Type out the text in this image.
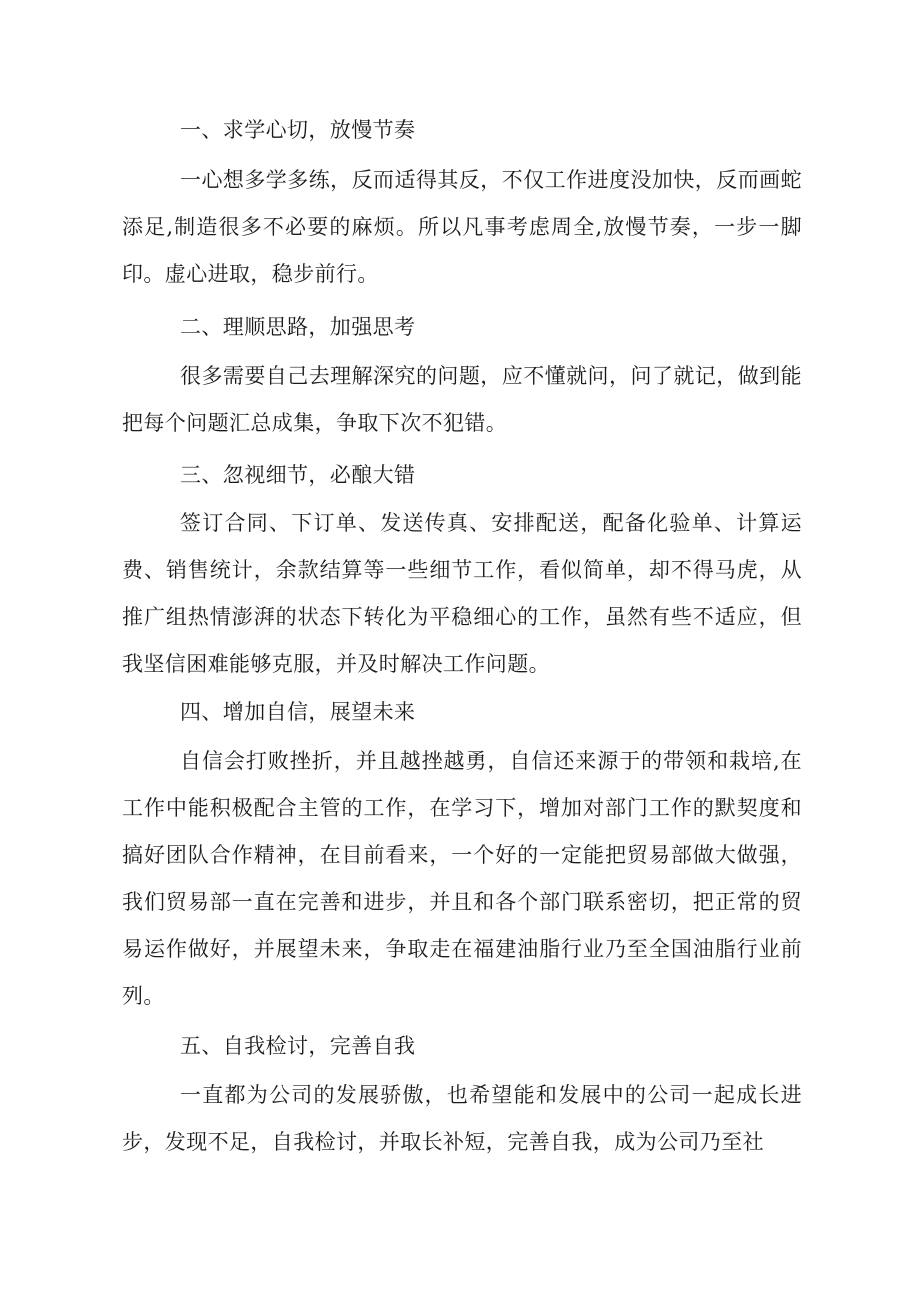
一、求学心切，放慢节奏

一心想多学多练，反而适得其反，不仅工作进度没加快，反而画蛇添足,制造很多不必要的麻烦。所以凡事考虑周全,放慢节奏，一步一脚印。虚心进取，稳步前行。

二、理顺思路，加强思考

很多需要自己去理解深究的问题，应不懂就问，问了就记，做到能把每个问题汇总成集，争取下次不犯错。

三、忽视细节，必酿大错

签订合同、下订单、发送传真、安排配送，配备化验单、计算运费、销售统计，余款结算等一些细节工作，看似简单，却不得马虎，从推广组热情澎湃的状态下转化为平稳细心的工作，虽然有些不适应，但我坚信困难能够克服，并及时解决工作问题。

四、增加自信，展望未来

自信会打败挫折，并且越挫越勇，自信还来源于的带领和栽培,在工作中能积极配合主管的工作，在学习下，增加对部门工作的默契度和搞好团队合作精神，在目前看来，一个好的一定能把贸易部做大做强，我们贸易部一直在完善和进步，并且和各个部门联系密切，把正常的贸易运作做好，并展望未来，争取走在福建油脂行业乃至全国油脂行业前列。

五、自我检讨，完善自我

一直都为公司的发展骄傲，也希望能和发展中的公司一起成长进步，发现不足，自我检讨，并取长补短，完善自我，成为公司乃至社
